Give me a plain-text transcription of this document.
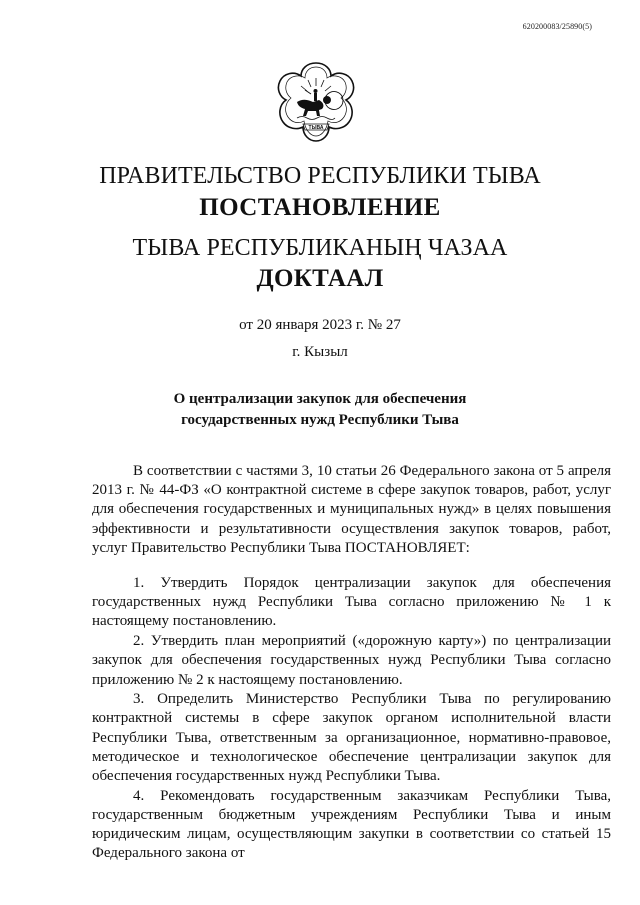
620200083/25890(5)
ТЫВА
ПРАВИТЕЛЬСТВО РЕСПУБЛИКИ ТЫВА
ПОСТАНОВЛЕНИЕ
ТЫВА РЕСПУБЛИКАНЫҢ ЧАЗАА
ДОКТААЛ
от 20 января 2023 г. № 27
г. Кызыл
О централизации закупок для обеспечения
государственных нужд Республики Тыва

В соответствии с частями 3, 10 статьи 26 Федерального закона от 5 апреля 2013 г. № 44-ФЗ «О контрактной системе в сфере закупок товаров, работ, услуг для обеспечения государственных и муниципальных нужд» в целях повышения эффективности и результативности осуществления закупок товаров, работ, услуг Правительство Республики Тыва ПОСТАНОВЛЯЕТ:

1. Утвердить Порядок централизации закупок для обеспечения государственных нужд Республики Тыва согласно приложению № 1 к настоящему постановлению.

2. Утвердить план мероприятий («дорожную карту») по централизации закупок для обеспечения государственных нужд Республики Тыва согласно приложению № 2 к настоящему постановлению.

3. Определить Министерство Республики Тыва по регулированию контрактной системы в сфере закупок органом исполнительной власти Республики Тыва, ответственным за организационное, нормативно-правовое, методическое и технологическое обеспечение централизации закупок для обеспечения государственных нужд Республики Тыва.

4. Рекомендовать государственным заказчикам Республики Тыва, государственным бюджетным учреждениям Республики Тыва и иным юридическим лицам, осуществляющим закупки в соответствии со статьей 15 Федерального закона от
